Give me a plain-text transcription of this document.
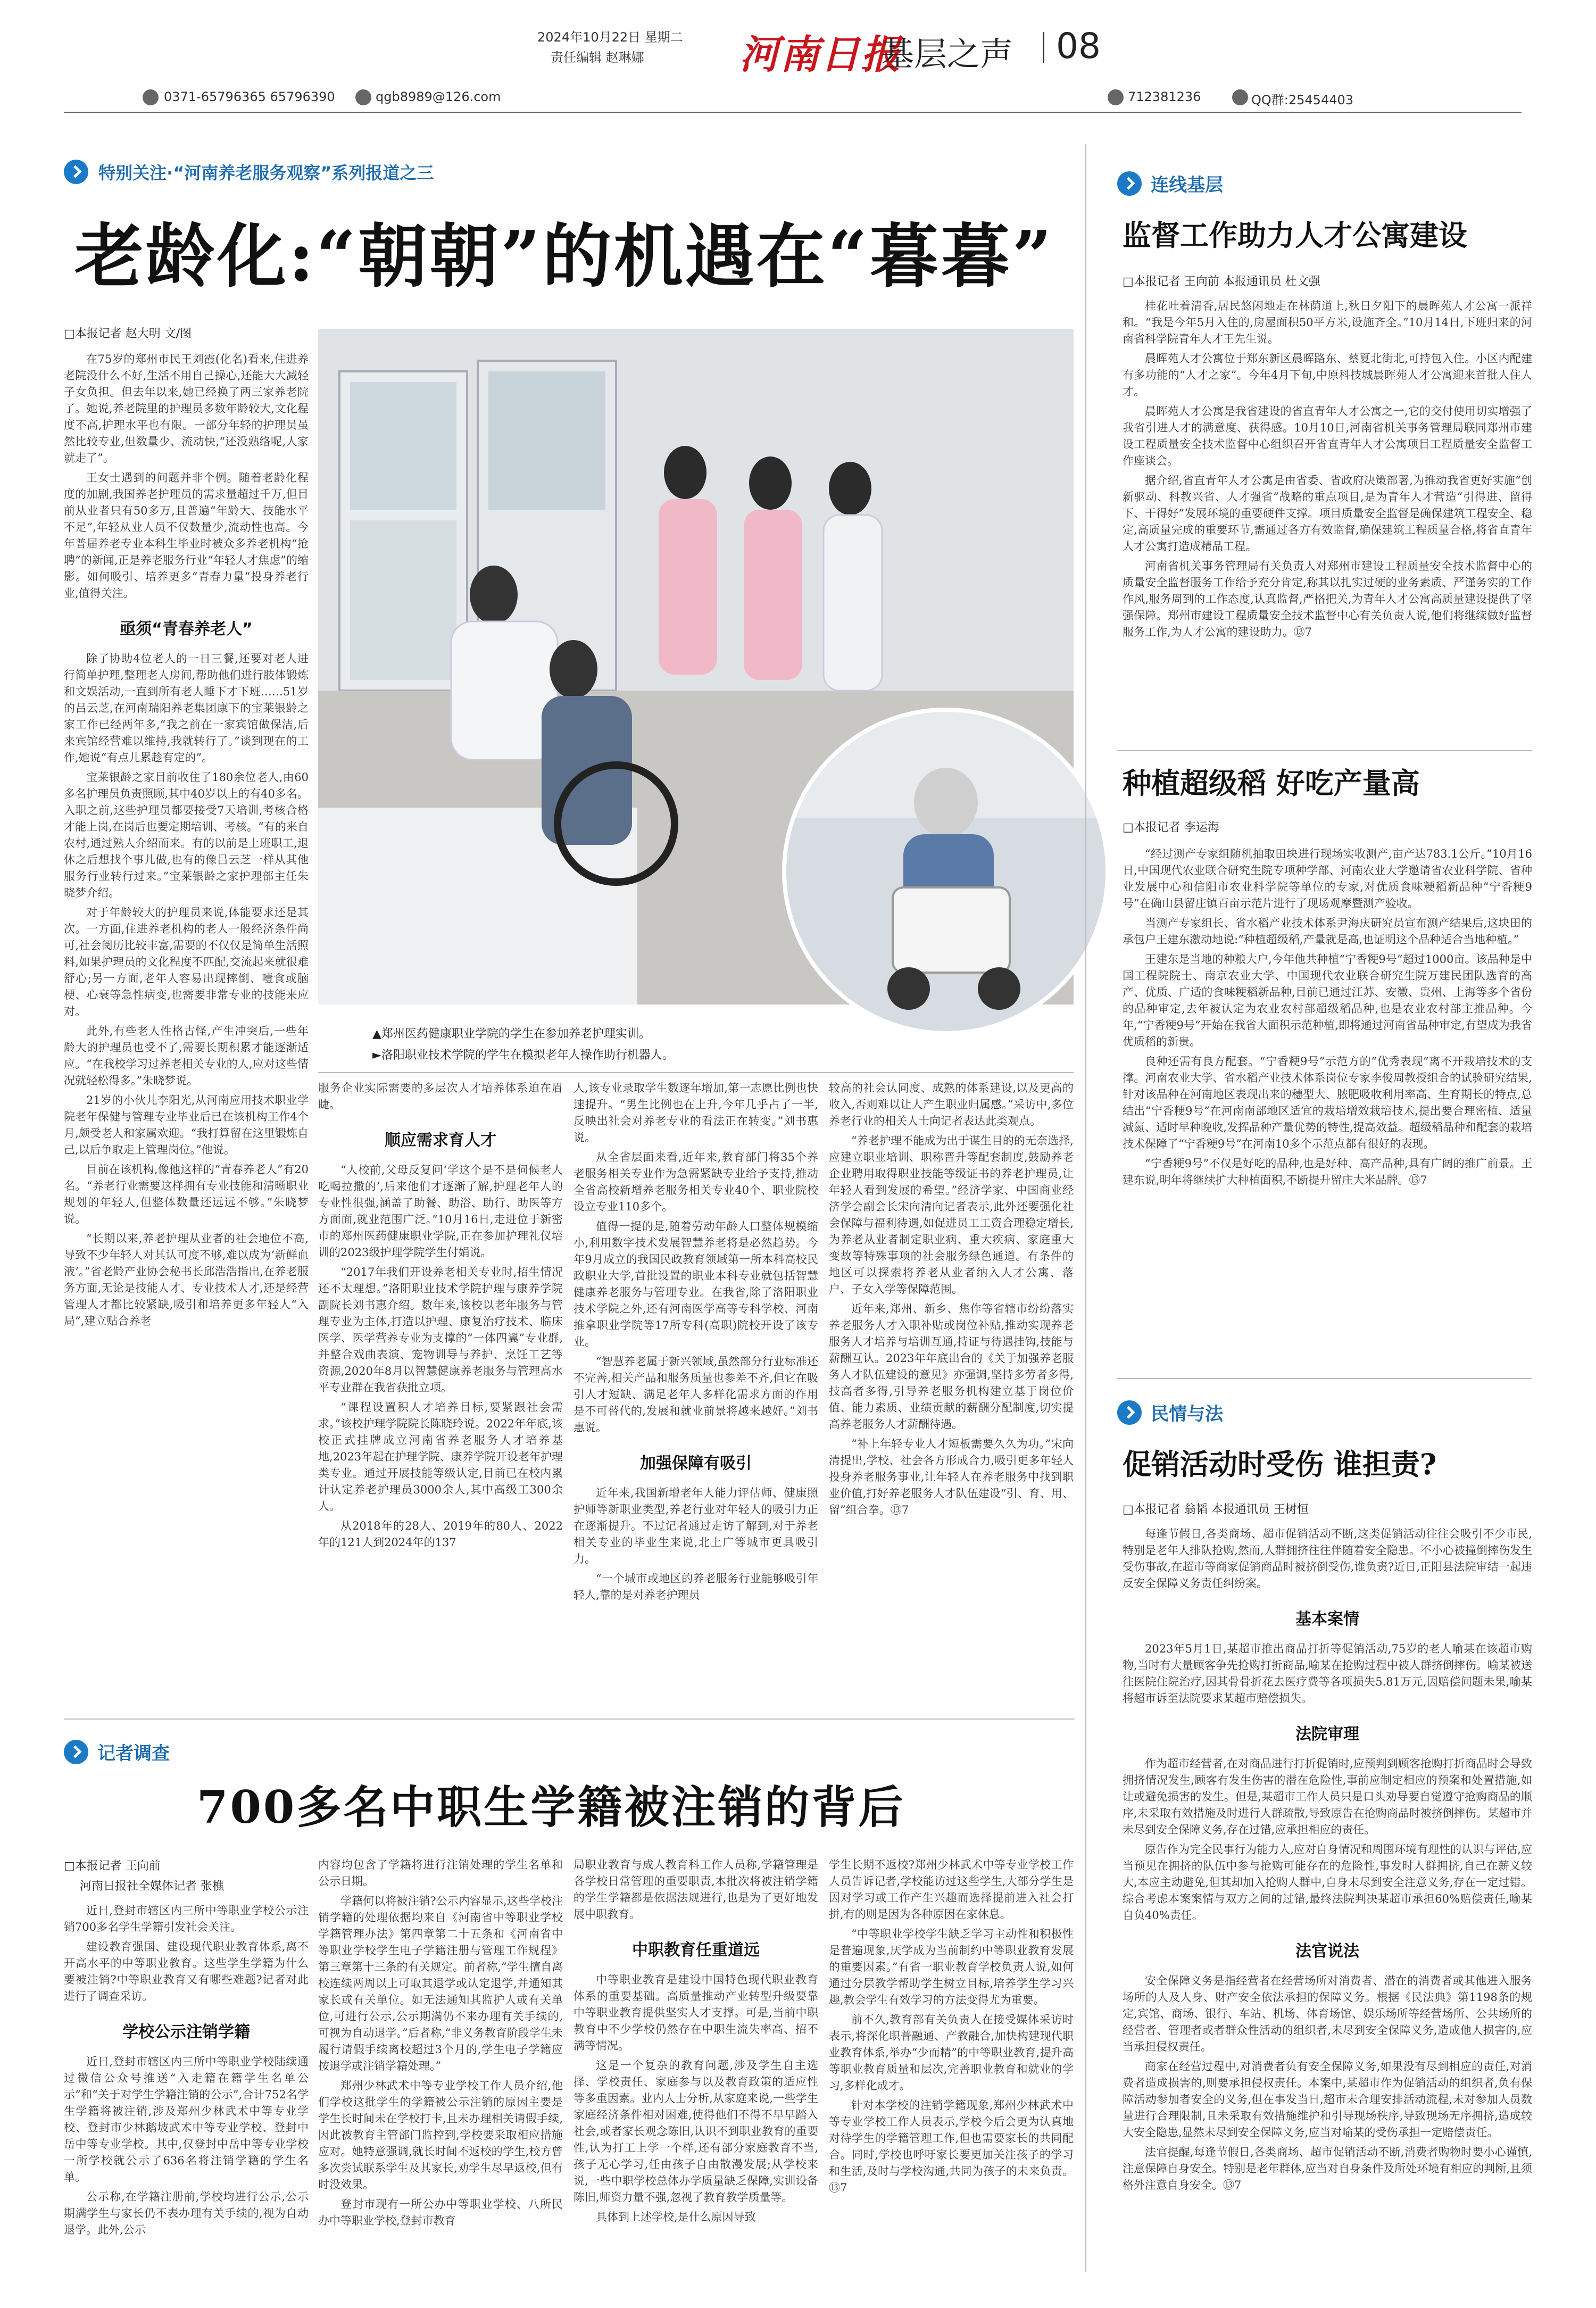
2024年10月22日 星期二
责任编辑 赵琳娜
0371-65796365 65796390	qgb8989@126.com
河南日报
基层之声 08
712381236	QQ群:25454403
特别关注·“河南养老服务观察”系列报道之三
老龄化:“朝朝”的机遇在“暮暮”
□本报记者 赵大明 文/图

在75岁的郑州市民王刘霞(化名)看来,住进养老院没什么不好,生活不用自己操心,还能大大减轻子女负担。但去年以来,她已经换了两三家养老院了。她说,养老院里的护理员多数年龄较大,文化程度不高,护理水平也有限。一部分年轻的护理员虽然比较专业,但数量少、流动快,“还没熟络呢,人家就走了”。

王女士遇到的问题并非个例。随着老龄化程度的加剧,我国养老护理员的需求量超过千万,但目前从业者只有50多万,且普遍“年龄大、技能水平不足”,年轻从业人员不仅数量少,流动性也高。今年普届养老专业本科生毕业时被众多养老机构“抢聘”的新闻,正是养老服务行业“年轻人才焦虑”的缩影。如何吸引、培养更多“青春力量”投身养老行业,值得关注。

亟须“青春养老人”

除了协助4位老人的一日三餐,还要对老人进行简单护理,整理老人房间,帮助他们进行肢体锻炼和文娱活动,一直到所有老人睡下才下班……51岁的吕云芝,在河南瑞阳养老集团康下的宝莱银龄之家工作已经两年多,“我之前在一家宾馆做保洁,后来宾馆经营难以维持,我就转行了。”谈到现在的工作,她说“有点儿累趁有定的”。

宝莱银龄之家目前收住了180余位老人,由60多名护理员负责照顾,其中40岁以上的有40多名。入职之前,这些护理员都要接受7天培训,考核合格才能上岗,在岗后也要定期培训、考核。“有的来自农村,通过熟人介绍而来。有的以前是上班职工,退休之后想找个事儿做,也有的像吕云芝一样从其他服务行业转行过来。”宝莱银龄之家护理部主任朱晓梦介绍。

对于年龄较大的护理员来说,体能要求还是其次。一方面,住进养老机构的老人一般经济条件尚可,社会阅历比较丰富,需要的不仅仅是简单生活照料,如果护理员的文化程度不匹配,交流起来就很难舒心;另一方面,老年人容易出现摔倒、噎食或脑梗、心衰等急性病变,也需要非常专业的技能来应对。

此外,有些老人性格古怪,产生冲突后,一些年龄大的护理员也受不了,需要长期积累才能逐渐适应。“在我校学习过养老相关专业的人,应对这些情况就轻松得多。”朱晓梦说。

21岁的小伙儿李阳光,从河南应用技术职业学院老年保健与管理专业毕业后已在该机构工作4个月,颇受老人和家属欢迎。“我打算留在这里锻炼自己,以后争取走上管理岗位。”他说。

目前在该机构,像他这样的“青春养老人”有20名。“养老行业需要这样拥有专业技能和清晰职业规划的年轻人,但整体数量还远远不够。”朱晓梦说。

“长期以来,养老护理从业者的社会地位不高,导致不少年轻人对其认可度不够,难以成为‘新鲜血液’。”省老龄产业协会秘书长邱浩浩指出,在养老服务方面,无论是技能人才、专业技术人才,还是经营管理人才都比较紧缺,吸引和培养更多年轻人“入局”,建立贴合养老

▲郑州医药健康职业学院的学生在参加养老护理实训。
►洛阳职业技术学院的学生在模拟老年人操作助行机器人。

服务企业实际需要的多层次人才培养体系迫在眉睫。

顺应需求育人才

“人校前,父母反复问‘学这个是不是伺候老人吃喝拉撒的’,后来他们才逐渐了解,护理老年人的专业性很强,涵盖了助餐、助浴、助行、助医等方方面面,就业范围广泛。”10月16日,走进位于新密市的郑州医药健康职业学院,正在参加护理礼仪培训的2023级护理学院学生付娟说。

“2017年我们开设养老相关专业时,招生情况还不太理想。”洛阳职业技术学院护理与康养学院副院长刘书惠介绍。数年来,该校以老年服务与管理专业为主体,打造以护理、康复治疗技术、临床医学、医学营养专业为支撑的“一体四翼”专业群,并整合戏曲表演、宠物训导与养护、烹饪工艺等资源,2020年8月以智慧健康养老服务与管理高水平专业群在我省获批立项。

“课程设置积人才培养目标,要紧跟社会需求。”该校护理学院院长陈晓玲说。2022年年底,该校正式挂牌成立河南省养老服务人才培养基地,2023年起在护理学院、康养学院开设老年护理类专业。通过开展技能等级认定,目前已在校内累计认定养老护理员3000余人,其中高级工300余人。

从2018年的28人、2019年的80人、2022年的121人到2024年的137

人,该专业录取学生数逐年增加,第一志愿比例也快速提升。“男生比例也在上升,今年几乎占了一半,反映出社会对养老专业的看法正在转变。”刘书惠说。

从全省层面来看,近年来,教育部门将35个养老服务相关专业作为急需紧缺专业给予支持,推动全省高校新增养老服务相关专业40个、职业院校设立专业110多个。

值得一提的是,随着劳动年龄人口整体规模缩小,利用数字技术发展智慧养老将是必然趋势。今年9月成立的我国民政教育领域第一所本科高校民政职业大学,首批设置的职业本科专业就包括智慧健康养老服务与管理专业。在我省,除了洛阳职业技术学院之外,还有河南医学高等专科学校、河南推拿职业学院等17所专科(高职)院校开设了该专业。

“智慧养老属于新兴领域,虽然部分行业标准还不完善,相关产品和服务质量也参差不齐,但它在吸引人才短缺、满足老年人多样化需求方面的作用是不可替代的,发展和就业前景将越来越好。”刘书惠说。

加强保障有吸引

近年来,我国新增老年人能力评估师、健康照护师等新职业类型,养老行业对年轻人的吸引力正在逐渐提升。不过记者通过走访了解到,对于养老相关专业的毕业生来说,北上广等城市更具吸引力。

“一个城市或地区的养老服务行业能够吸引年轻人,靠的是对养老护理员

较高的社会认同度、成熟的体系建设,以及更高的收入,否则难以让人产生职业归属感。”采访中,多位养老行业的相关人士向记者表达此类观点。

“养老护理不能成为出于谋生目的的无奈选择,应建立职业培训、职称晋升等配套制度,鼓励养老企业聘用取得职业技能等级证书的养老护理员,让年轻人看到发展的希望。”经济学家、中国商业经济学会副会长宋向清向记者表示,此外还要强化社会保障与福利待遇,如促进员工工资合理稳定增长,为养老从业者制定职业病、重大疾病、家庭重大变故等特殊事项的社会服务绿色通道。有条件的地区可以探索将养老从业者纳入人才公寓、落户、子女入学等保障范围。

近年来,郑州、新乡、焦作等省辖市纷纷落实养老服务人才入职补贴或岗位补贴,推动实现养老服务人才培养与培训互通,持证与待遇挂钩,技能与薪酬互认。2023年年底出台的《关于加强养老服务人才队伍建设的意见》亦强调,坚持多劳者多得,技高者多得,引导养老服务机构建立基于岗位价值、能力素质、业绩贡献的薪酬分配制度,切实提高养老服务人才薪酬待遇。

“补上年轻专业人才短板需要久久为功。”宋向清提出,学校、社会各方形成合力,吸引更多年轻人投身养老服务事业,让年轻人在养老服务中找到职业价值,打好养老服务人才队伍建设“引、育、用、留”组合拳。⑬7

连线基层
监督工作助力人才公寓建设
□本报记者 王向前 本报通讯员 杜文强

桂花吐着清香,居民悠闲地走在林荫道上,秋日夕阳下的晨晖苑人才公寓一派祥和。“我是今年5月入住的,房屋面积50平方米,设施齐全。”10月14日,下班归来的河南省科学院青年人才王先生说。

晨晖苑人才公寓位于郑东新区晨晖路东、蔡夏北街北,可持包入住。小区内配建有多功能的“人才之家”。今年4月下旬,中原科技城晨晖苑人才公寓迎来首批人住人才。

晨晖苑人才公寓是我省建设的省直青年人才公寓之一,它的交付使用切实增强了我省引进人才的满意度、获得感。10月10日,河南省机关事务管理局联同郑州市建设工程质量安全技术监督中心组织召开省直青年人才公寓项目工程质量安全监督工作座谈会。

据介绍,省直青年人才公寓是由省委、省政府决策部署,为推动我省更好实施“创新驱动、科教兴省、人才强省”战略的重点项目,是为青年人才营造“引得进、留得下、干得好”发展环境的重要硬件支撑。项目质量安全监督是确保建筑工程安全、稳定,高质量完成的重要环节,需通过各方有效监督,确保建筑工程质量合格,将省直青年人才公寓打造成精品工程。

河南省机关事务管理局有关负责人对郑州市建设工程质量安全技术监督中心的质量安全监督服务工作给予充分肯定,称其以扎实过硬的业务素质、严谨务实的工作作风,服务周到的工作态度,认真监督,严格把关,为青年人才公寓高质量建设提供了坚强保障。郑州市建设工程质量安全技术监督中心有关负责人说,他们将继续做好监督服务工作,为人才公寓的建设助力。⑬7

种植超级稻 好吃产量高
□本报记者 李运海

“经过测产专家组随机抽取田块进行现场实收测产,亩产达783.1公斤。”10月16日,中国现代农业联合研究生院专项种学部、河南农业大学邀请省农业科学院、省种业发展中心和信阳市农业科学院等单位的专家,对优质食味粳稻新品种“宁香粳9号”在确山县留庄镇百亩示范片进行了现场观摩暨测产验收。

当测产专家组长、省水稻产业技术体系尹海庆研究员宣布测产结果后,这块田的承包户王建东激动地说:“种植超级稻,产量就是高,也证明这个品种适合当地种植。”

王建东是当地的种粮大户,今年他共种植“宁香粳9号”超过1000亩。该品种是中国工程院院士、南京农业大学、中国现代农业联合研究生院万建民团队选育的高产、优质、广适的食味粳稻新品种,目前已通过江苏、安徽、贵州、上海等多个省份的品种审定,去年被认定为农业农村部超级稻品种,也是农业农村部主推品种。今年,“宁香粳9号”开始在我省大面积示范种植,即将通过河南省品种审定,有望成为我省优质稻的新贵。

良种还需有良方配套。“宁香粳9号”示范方的“优秀表现”离不开栽培技术的支撑。河南农业大学、省水稻产业技术体系岗位专家李俊周教授组合的试验研究结果,针对该品种在河南地区表现出来的穗型大、脓肥吸收利用率高、生育期长的特点,总结出“宁香粳9号”在河南南部地区适宜的栽培增效栽培技术,提出要合理密植、适量减氮、适时早种晚收,发挥品种产量优势的特性,提高效益。超级稻品种和配套的栽培技术保障了“宁香粳9号”在河南10多个示范点都有很好的表现。

“宁香粳9号”不仅是好吃的品种,也是好种、高产品种,具有广阔的推广前景。王建东说,明年将继续扩大种植面积,不断提升留庄大米品牌。⑬7

民情与法
促销活动时受伤 谁担责?
□本报记者 翁韬 本报通讯员 王树恒

每逢节假日,各类商场、超市促销活动不断,这类促销活动往往会吸引不少市民,特别是老年人排队抢购,然而,人群拥挤往往伴随着安全隐患。不小心被撞倒摔伤发生受伤事故,在超市等商家促销商品时被挤倒受伤,谁负责?近日,正阳县法院审结一起违反安全保障义务责任纠纷案。

基本案情

2023年5月1日,某超市推出商品打折等促销活动,75岁的老人喻某在该超市购物,当时有大量顾客争先抢购打折商品,喻某在抢购过程中被人群挤倒摔伤。喻某被送往医院住院治疗,因其骨骨折花去医疗费等各项损失5.81万元,因赔偿问题未果,喻某将超市诉至法院要求某超市赔偿损失。

法院审理

作为超市经营者,在对商品进行打折促销时,应预判到顾客抢购打折商品时会导致拥挤情况发生,顾客有发生伤害的潜在危险性,事前应制定相应的预案和处置措施,如让或避免损害的发生。但是,某超市工作人员只是口头劝导要自觉遵守抢购商品的顺序,未采取有效措施及时进行人群疏散,导致原告在抢购商品时被挤倒摔伤。某超市并未尽到安全保障义务,存在过错,应承担相应的责任。

原告作为完全民事行为能力人,应对自身情况和周围环境有理性的认识与评估,应当预见在拥挤的队伍中参与抢购可能存在的危险性,事发时人群拥挤,自己在薪义较大,本应主动避免,但其却加入抢购人群中,自身未尽到安全注意义务,存在一定过错。综合考虑本案案情与双方之间的过错,最终法院判决某超市承担60%赔偿责任,喻某自负40%责任。

法官说法

安全保障义务是指经营者在经营场所对消费者、潜在的消费者或其他进入服务场所的人及人身、财产安全依法承担的保障义务。根据《民法典》第1198条的规定,宾馆、商场、银行、车站、机场、体育场馆、娱乐场所等经营场所、公共场所的经营者、管理者或者群众性活动的组织者,未尽到安全保障义务,造成他人损害的,应当承担侵权责任。

商家在经营过程中,对消费者负有安全保障义务,如果没有尽到相应的责任,对消费者造成损害的,则要承担侵权责任。本案中,某超市作为促销活动的组织者,负有保障活动参加者安全的义务,但在事发当日,超市未合理安排活动流程,未对参加人员数量进行合理限制,且未采取有效措施维护和引导现场秩序,导致现场无序拥挤,造成较大安全隐患,显然未尽到安全保障义务,应当对喻某的受伤承担一定赔偿责任。

法官提醒,每逢节假日,各类商场、超市促销活动不断,消费者购物时要小心谨慎,注意保障自身安全。特别是老年群体,应当对自身条件及所处环境有相应的判断,且须格外注意自身安全。⑬7

记者调查
700多名中职生学籍被注销的背后
□本报记者 王向前
河南日报社全媒体记者 张樵

近日,登封市辖区内三所中等职业学校公示注销700多名学生学籍引发社会关注。

建设教育强国、建设现代职业教育体系,离不开高水平的中等职业教育。这些学生学籍为什么要被注销?中等职业教育又有哪些难题?记者对此进行了调查采访。

学校公示注销学籍

近日,登封市辖区内三所中等职业学校陆续通过微信公众号推送“入走籍在籍学生名单公示”和“关于对学生学籍注销的公示”,合计752名学生学籍将被注销,涉及郑州少林武术中等专业学校、登封市少林鹅坡武术中等专业学校、登封中岳中等专业学校。其中,仅登封中岳中等专业学校一所学校就公示了636名将注销学籍的学生名单。

公示称,在学籍注册前,学校均进行公示,公示期满学生与家长仍不表办理有关手续的,视为自动退学。此外,公示

内容均包含了学籍将进行注销处理的学生名单和公示日期。

学籍何以将被注销?公示内容显示,这些学校注销学籍的处理依据均来自《河南省中等职业学校学籍管理办法》第四章第二十五条和《河南省中等职业学校学生电子学籍注册与管理工作规程》第三章第十三条的有关规定。前者称,“学生擅自离校连续两周以上可取其退学或认定退学,并通知其家长或有关单位。如无法通知其监护人或有关单位,可进行公示,公示期满仍不来办理有关手续的,可视为自动退学。”后者称,“非义务教育阶段学生未履行请假手续离校超过3个月的,学生电子学籍应按退学或注销学籍处理。”

郑州少林武术中等专业学校工作人员介绍,他们学校这批学生的学籍被公示注销的原因主要是学生长时间未在学校打卡,且未办理相关请假手续,因此被教育主管部门监控到,学校要采取相应措施应对。她特意强调,就长时间不返校的学生,校方曾多次尝试联系学生及其家长,劝学生尽早返校,但有时没效果。

登封市现有一所公办中等职业学校、八所民办中等职业学校,登封市教育

局职业教育与成人教育科工作人员称,学籍管理是各学校日常管理的重要职责,本批次将被注销学籍的学生学籍都是依据法规进行,也是为了更好地发展中职教育。

中职教育任重道远

中等职业教育是建设中国特色现代职业教育体系的重要基础。高质量推动产业转型升级要靠中等职业教育提供坚实人才支撑。可是,当前中职教育中不少学校仍然存在中职生流失率高、招不满等情况。

这是一个复杂的教育问题,涉及学生自主选择、学校责任、家庭参与以及教育政策的适应性等多重因素。业内人士分析,从家庭来说,一些学生家庭经济条件相对困难,使得他们不得不早早踏入社会,或者家长观念陈旧,认识不到职业教育的重要性,认为打工上学一个样,还有部分家庭教育不当,孩子无心学习,任由孩子自由散漫发展;从学校来说,一些中职学校总体办学质量缺乏保障,实训设备陈旧,师资力量不强,忽视了教育教学质量等。

具体到上述学校,是什么原因导致

学生长期不返校?郑州少林武术中等专业学校工作人员告诉记者,学校能访过这些学生,大部分学生是因对学习或工作产生兴趣而选择提前进入社会打拼,有的则是因为各种原因在家休息。

“中等职业学校学生缺乏学习主动性和积极性是普遍现象,厌学成为当前制约中等职业教育发展的重要因素。”有省一职业教育学校负责人说,如何通过分层教学帮助学生树立目标,培养学生学习兴趣,教会学生有效学习的方法变得尤为重要。

前不久,教育部有关负责人在接受媒体采访时表示,将深化职普融通、产教融合,加快构建现代职业教育体系,举办“少而精”的中等职业教育,提升高等职业教育质量和层次,完善职业教育和就业的学习,多样化成才。

针对本学校的注销学籍现象,郑州少林武术中等专业学校工作人员表示,学校今后会更为认真地对待学生的学籍管理工作,但也需要家长的共同配合。同时,学校也呼吁家长要更加关注孩子的学习和生活,及时与学校沟通,共同为孩子的未来负责。⑬7
